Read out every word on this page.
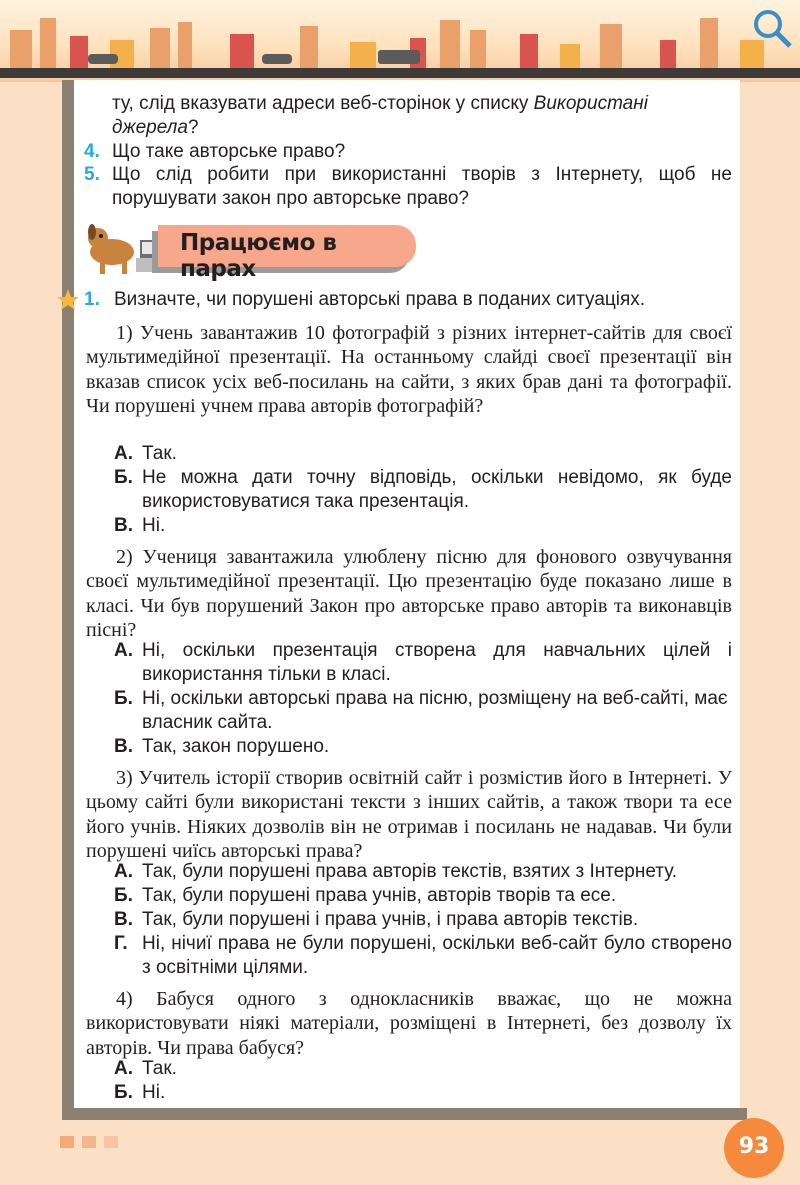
ту, слід вказувати адреси веб-сторінок у списку Використані

джерела?

4. Що таке авторське право?

5. Що слід робити при використанні творів з Інтернету, щоб не порушувати закон про авторське право?

Працюємо в парах
1. Визначте, чи порушені авторські права в поданих ситуаціях.

1) Учень завантажив 10 фотографій з різних інтернет-сайтів для своєї мультимедійної презентації. На останньому слайді своєї презентації він вказав список усіх веб-посилань на сайти, з яких брав дані та фотографії. Чи порушені учнем права авторів фотографій?

А. Так.

Б. Не можна дати точну відповідь, оскільки невідомо, як буде використовуватися така презентація.

В. Ні.

2) Учениця завантажила улюблену пісню для фонового озвучування своєї мультимедійної презентації. Цю презентацію буде показано лише в класі. Чи був порушений Закон про авторське право авторів та виконавців пісні?

А. Ні, оскільки презентація створена для навчальних цілей і використання тільки в класі.

Б. Ні, оскільки авторські права на пісню, розміщену на веб-сайті, має власник сайта.

В. Так, закон порушено.

3) Учитель історії створив освітній сайт і розмістив його в Інтернеті. У цьому сайті були використані тексти з інших сайтів, а також твори та есе його учнів. Ніяких дозволів він не отримав і посилань не надавав. Чи були порушені чиїсь авторські права?

А. Так, були порушені права авторів текстів, взятих з Інтернету.

Б. Так, були порушені права учнів, авторів творів та есе.

В. Так, були порушені і права учнів, і права авторів текстів.

Г. Ні, нічиї права не були порушені, оскільки веб-сайт було створено з освітніми цілями.

4) Бабуся одного з однокласників вважає, що не можна використовувати ніякі матеріали, розміщені в Інтернеті, без дозволу їх авторів. Чи права бабуся?

А. Так.

Б. Ні.

93
